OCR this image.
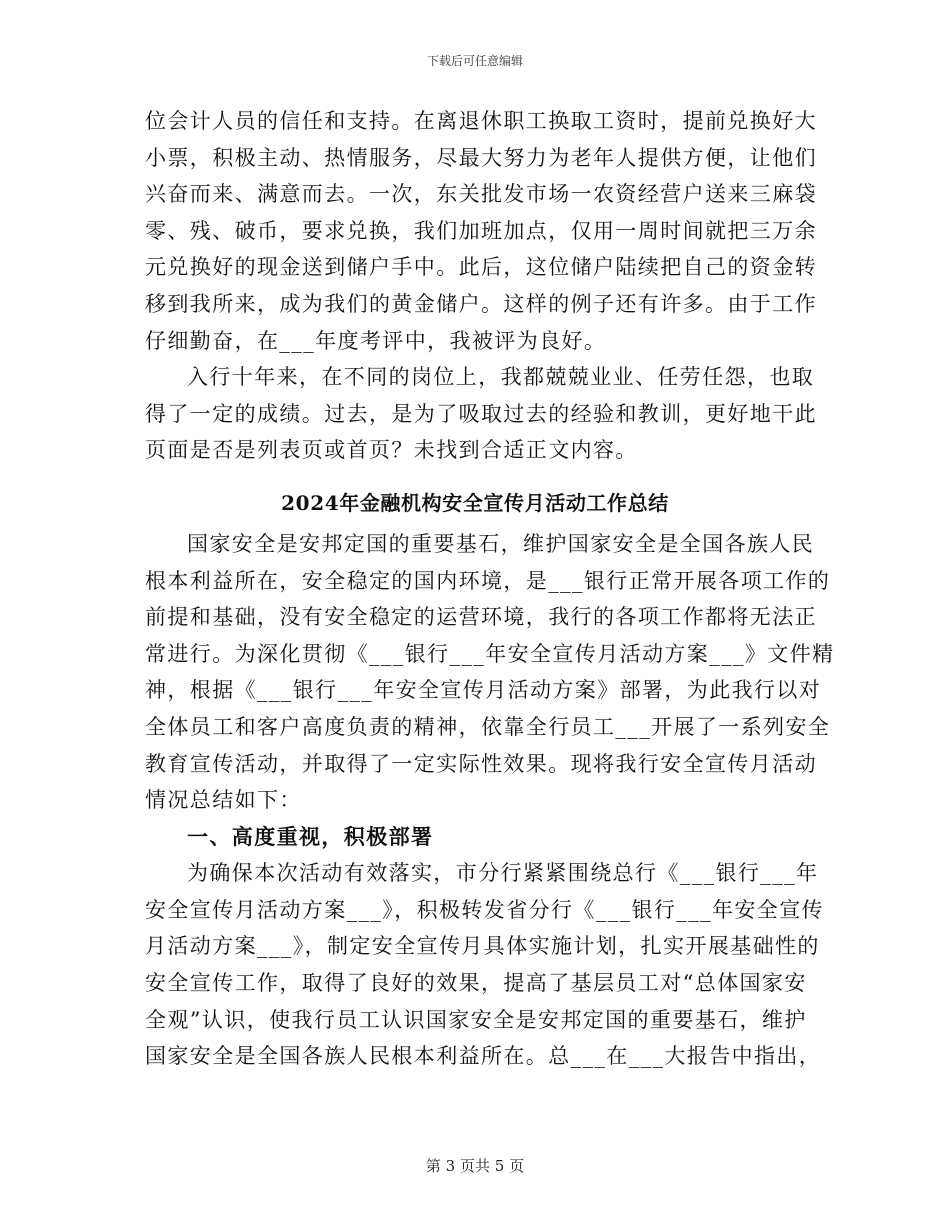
下载后可任意编辑
位会计人员的信任和支持。在离退休职工换取工资时，提前兑换好大
小票，积极主动、热情服务，尽最大努力为老年人提供方便，让他们
兴奋而来、满意而去。一次，东关批发市场一农资经营户送来三麻袋
零、残、破币，要求兑换，我们加班加点，仅用一周时间就把三万余
元兑换好的现金送到储户手中。此后，这位储户陆续把自己的资金转
移到我所来，成为我们的黄金储户。这样的例子还有许多。由于工作
仔细勤奋，在___年度考评中，我被评为良好。
入行十年来，在不同的岗位上，我都兢兢业业、任劳任怨，也取
得了一定的成绩。过去，是为了吸取过去的经验和教训，更好地干此
页面是否是列表页或首页？未找到合适正文内容。
2024年金融机构安全宣传月活动工作总结
国家安全是安邦定国的重要基石，维护国家安全是全国各族人民
根本利益所在，安全稳定的国内环境，是___银行正常开展各项工作的
前提和基础，没有安全稳定的运营环境，我行的各项工作都将无法正
常进行。为深化贯彻《___银行___年安全宣传月活动方案___》文件精
神，根据《___银行___年安全宣传月活动方案》部署，为此我行以对
全体员工和客户高度负责的精神，依靠全行员工___开展了一系列安全
教育宣传活动，并取得了一定实际性效果。现将我行安全宣传月活动
情况总结如下：
一、高度重视，积极部署
为确保本次活动有效落实，市分行紧紧围绕总行《___银行___年
安全宣传月活动方案___》，积极转发省分行《___银行___年安全宣传
月活动方案___》，制定安全宣传月具体实施计划，扎实开展基础性的
安全宣传工作，取得了良好的效果，提高了基层员工对“总体国家安
全观”认识，使我行员工认识国家安全是安邦定国的重要基石，维护
国家安全是全国各族人民根本利益所在。总___在___大报告中指出，
第 3 页共 5 页
